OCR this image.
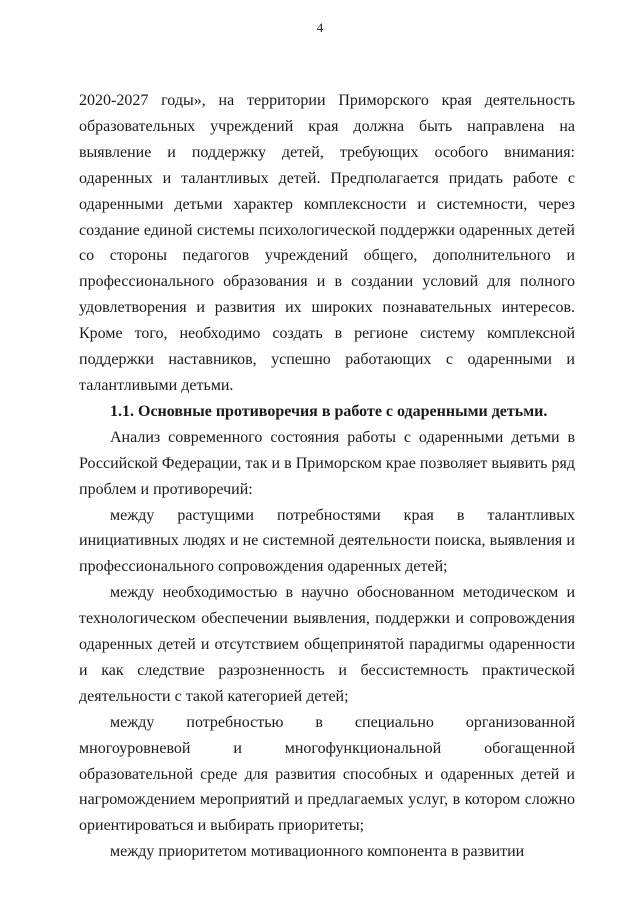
4

2020-2027 годы», на территории Приморского края деятельность образовательных учреждений края должна быть направлена на выявление и поддержку детей, требующих особого внимания: одаренных и талантливых детей. Предполагается придать работе с одаренными детьми характер комплексности и системности, через создание единой системы психологической поддержки одаренных детей со стороны педагогов учреждений общего, дополнительного и профессионального образования и в создании условий для полного удовлетворения и развития их широких познавательных интересов. Кроме того, необходимо создать в регионе систему комплексной поддержки наставников, успешно работающих с одаренными и талантливыми детьми.

1.1. Основные противоречия в работе с одаренными детьми.

Анализ современного состояния работы с одаренными детьми в Российской Федерации, так и в Приморском крае позволяет выявить ряд проблем и противоречий:

между растущими потребностями края в талантливых инициативных людях и не системной деятельности поиска, выявления и профессионального сопровождения одаренных детей;

между необходимостью в научно обоснованном методическом и технологическом обеспечении выявления, поддержки и сопровождения одаренных детей и отсутствием общепринятой парадигмы одаренности и как следствие разрозненность и бессистемность практической деятельности с такой категорией детей;

между потребностью в специально организованной многоуровневой и многофункциональной обогащенной образовательной среде для развития способных и одаренных детей и нагромождением мероприятий и предлагаемых услуг, в котором сложно ориентироваться и выбирать приоритеты;

между приоритетом мотивационного компонента в развитии
